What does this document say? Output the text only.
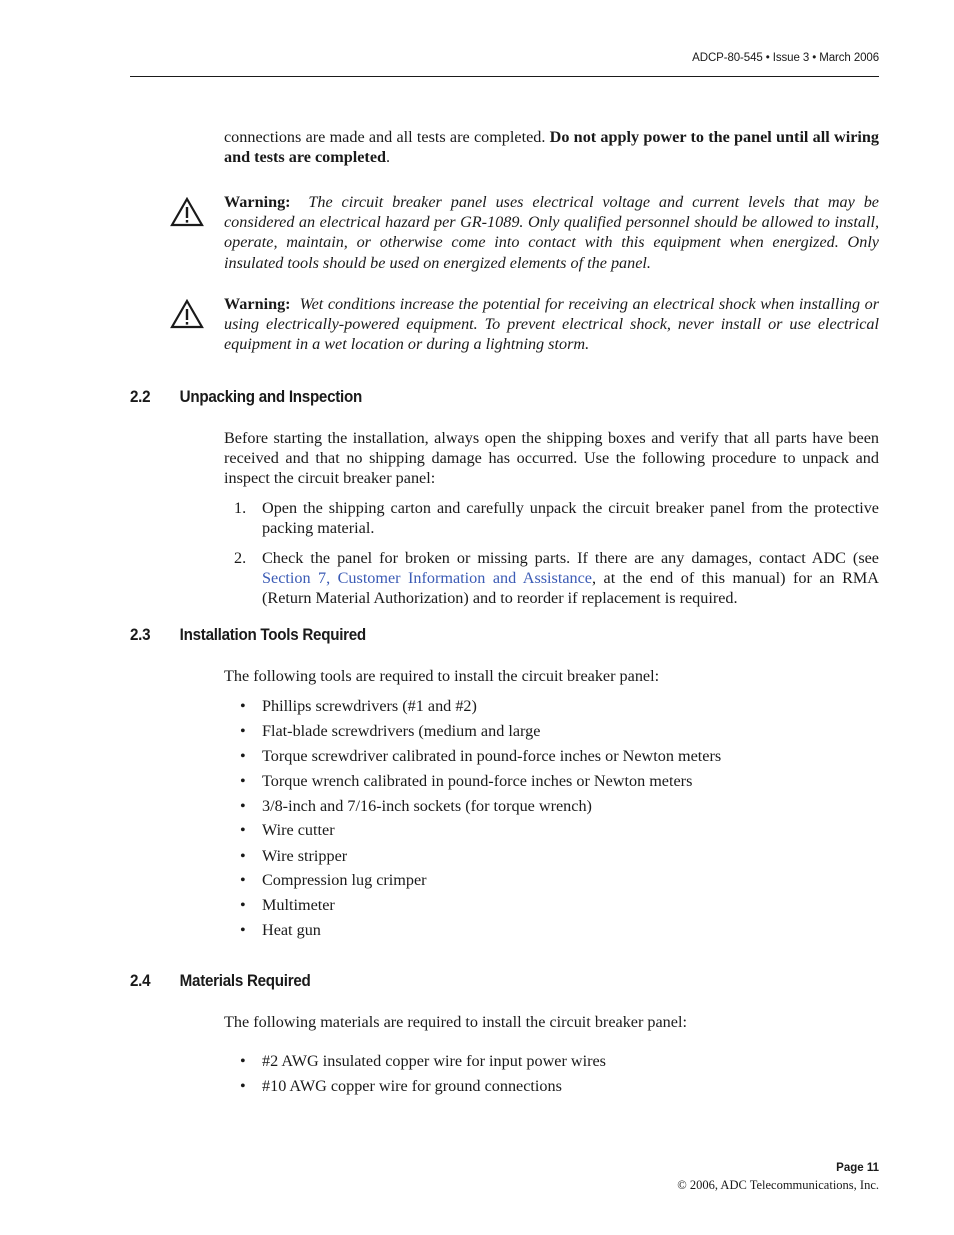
ADCP-80-545 • Issue 3 • March 2006

connections are made and all tests are completed. Do not apply power to the panel until all wiring and tests are completed.

Warning: The circuit breaker panel uses electrical voltage and current levels that may be considered an electrical hazard per GR-1089. Only qualified personnel should be allowed to install, operate, maintain, or otherwise come into contact with this equipment when energized. Only insulated tools should be used on energized elements of the panel.

Warning: Wet conditions increase the potential for receiving an electrical shock when installing or using electrically-powered equipment. To prevent electrical shock, never install or use electrical equipment in a wet location or during a lightning storm.

2.2 Unpacking and Inspection

Before starting the installation, always open the shipping boxes and verify that all parts have been received and that no shipping damage has occurred. Use the following procedure to unpack and inspect the circuit breaker panel:

1. Open the shipping carton and carefully unpack the circuit breaker panel from the protective packing material.
2. Check the panel for broken or missing parts. If there are any damages, contact ADC (see Section 7, Customer Information and Assistance, at the end of this manual) for an RMA (Return Material Authorization) and to reorder if replacement is required.
2.3 Installation Tools Required

The following tools are required to install the circuit breaker panel:

• Phillips screwdrivers (#1 and #2)
• Flat-blade screwdrivers (medium and large
• Torque screwdriver calibrated in pound-force inches or Newton meters
• Torque wrench calibrated in pound-force inches or Newton meters
• 3/8-inch and 7/16-inch sockets (for torque wrench)
• Wire cutter
• Wire stripper
• Compression lug crimper
• Multimeter
• Heat gun
2.4 Materials Required

The following materials are required to install the circuit breaker panel:

• #2 AWG insulated copper wire for input power wires
• #10 AWG copper wire for ground connections
Page 11
© 2006, ADC Telecommunications, Inc.
